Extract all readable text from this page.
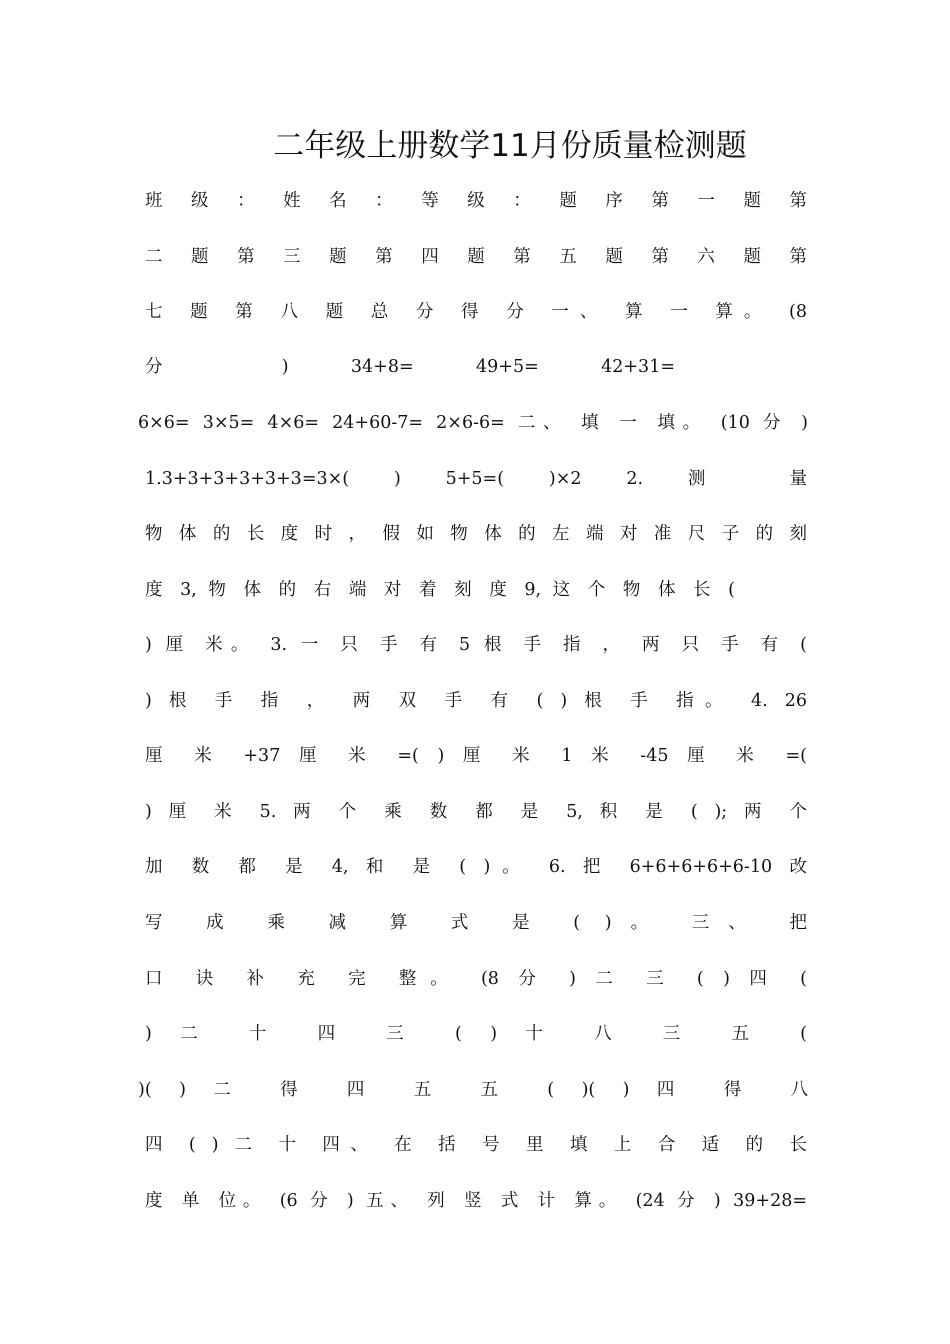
二年级上册数学11月份质量检测题
班 级 ： 姓 名 ： 等 级 ： 题 序 第 一 题 第
二 题 第 三 题 第 四 题 第 五 题 第 六 题 第
七 题 第 八 题 总 分 得 分 一、 算 一 算。 (8
分 ) 34+8= 49+5= 42+31=
6×6= 3×5= 4×6= 24+60-7= 2×6-6= 二、 填 一 填。 (10 分 )
1.3+3+3+3+3+3=3×( ) 5+5=( )×2 2. 测 量
物 体 的 长 度 时 ， 假 如 物 体 的 左 端 对 准 尺 子 的 刻
度 3, 物 体 的 右 端 对 着 刻 度 9, 这 个 物 体 长 (
) 厘 米。 3. 一 只 手 有 5 根 手 指 ， 两 只 手 有 (
) 根 手 指 ， 两 双 手 有 ( ) 根 手 指。 4. 26
厘 米 +37 厘 米 =( ) 厘 米 1 米 -45 厘 米 =(
) 厘 米 5. 两 个 乘 数 都 是 5, 积 是 ( ); 两 个
加 数 都 是 4, 和 是 ( )。 6. 把 6+6+6+6+6-10 改
写 成 乘 减 算 式 是 ( )。 三、 把
口 诀 补 充 完 整。 (8 分 ) 二 三 ( ) 四 (
) 二 十 四 三 ( ) 十 八 三 五 (
)( ) 二 得 四 五 五 ( )( ) 四 得 八
四 ( ) 二 十 四、 在 括 号 里 填 上 合 适 的 长
度 单 位。 (6 分 ) 五、 列 竖 式 计 算。 (24 分 ) 39+28=
